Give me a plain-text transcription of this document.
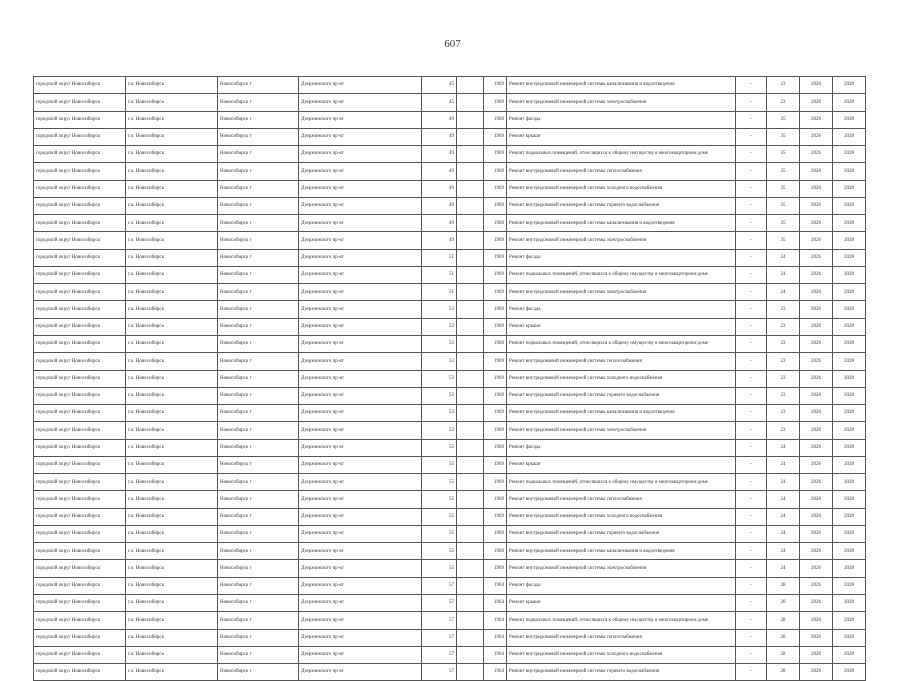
607
городской округ Новосибирск	г.о. Новосибирск	Новосибирск г	Дзержинского пр-кт	45		1969	Ремонт внутридомовой инженерной системы канализования и водоотведения	-	23	2026	2028
городской округ Новосибирск	г.о. Новосибирск	Новосибирск г	Дзержинского пр-кт	45		1969	Ремонт внутридомовой инженерной системы электроснабжения	-	23	2026	2028
городской округ Новосибирск	г.о. Новосибирск	Новосибирск г	Дзержинского пр-кт	49		1969	Ремонт фасада	-	35	2026	2028
городской округ Новосибирск	г.о. Новосибирск	Новосибирск г	Дзержинского пр-кт	49		1969	Ремонт крыши	-	35	2026	2028
городской округ Новосибирск	г.о. Новосибирск	Новосибирск г	Дзержинского пр-кт	49		1969	Ремонт подвальных помещений, относящихся к общему имуществу в многоквартирном доме	-	35	2026	2028
городской округ Новосибирск	г.о. Новосибирск	Новосибирск г	Дзержинского пр-кт	49		1969	Ремонт внутридомовой инженерной системы теплоснабжения	-	35	2026	2028
городской округ Новосибирск	г.о. Новосибирск	Новосибирск г	Дзержинского пр-кт	49		1969	Ремонт внутридомовой инженерной системы холодного водоснабжения	-	35	2026	2028
городской округ Новосибирск	г.о. Новосибирск	Новосибирск г	Дзержинского пр-кт	49		1969	Ремонт внутридомовой инженерной системы горячего водоснабжения	-	35	2026	2028
городской округ Новосибирск	г.о. Новосибирск	Новосибирск г	Дзержинского пр-кт	49		1969	Ремонт внутридомовой инженерной системы канализования и водоотведения	-	35	2026	2028
городской округ Новосибирск	г.о. Новосибирск	Новосибирск г	Дзержинского пр-кт	49		1969	Ремонт внутридомовой инженерной системы электроснабжения	-	35	2026	2028
городской округ Новосибирск	г.о. Новосибирск	Новосибирск г	Дзержинского пр-кт	51		1969	Ремонт фасада	-	24	2026	2028
городской округ Новосибирск	г.о. Новосибирск	Новосибирск г	Дзержинского пр-кт	51		1969	Ремонт подвальных помещений, относящихся к общему имуществу в многоквартирном доме	-	24	2026	2028
городской округ Новосибирск	г.о. Новосибирск	Новосибирск г	Дзержинского пр-кт	51		1969	Ремонт внутридомовой инженерной системы электроснабжения	-	24	2026	2028
городской округ Новосибирск	г.о. Новосибирск	Новосибирск г	Дзержинского пр-кт	53		1969	Ремонт фасада	-	23	2026	2028
городской округ Новосибирск	г.о. Новосибирск	Новосибирск г	Дзержинского пр-кт	53		1969	Ремонт крыши	-	23	2026	2028
городской округ Новосибирск	г.о. Новосибирск	Новосибирск г	Дзержинского пр-кт	53		1969	Ремонт подвальных помещений, относящихся к общему имуществу в многоквартирном доме	-	23	2026	2028
городской округ Новосибирск	г.о. Новосибирск	Новосибирск г	Дзержинского пр-кт	53		1969	Ремонт внутридомовой инженерной системы теплоснабжения	-	23	2026	2028
городской округ Новосибирск	г.о. Новосибирск	Новосибирск г	Дзержинского пр-кт	53		1969	Ремонт внутридомовой инженерной системы холодного водоснабжения	-	23	2026	2028
городской округ Новосибирск	г.о. Новосибирск	Новосибирск г	Дзержинского пр-кт	53		1969	Ремонт внутридомовой инженерной системы горячего водоснабжения	-	23	2026	2028
городской округ Новосибирск	г.о. Новосибирск	Новосибирск г	Дзержинского пр-кт	53		1969	Ремонт внутридомовой инженерной системы канализования и водоотведения	-	23	2026	2028
городской округ Новосибирск	г.о. Новосибирск	Новосибирск г	Дзержинского пр-кт	53		1969	Ремонт внутридомовой инженерной системы электроснабжения	-	23	2026	2028
городской округ Новосибирск	г.о. Новосибирск	Новосибирск г	Дзержинского пр-кт	55		1969	Ремонт фасада	-	24	2026	2028
городской округ Новосибирск	г.о. Новосибирск	Новосибирск г	Дзержинского пр-кт	55		1969	Ремонт крыши	-	24	2026	2028
городской округ Новосибирск	г.о. Новосибирск	Новосибирск г	Дзержинского пр-кт	55		1969	Ремонт подвальных помещений, относящихся к общему имуществу в многоквартирном доме	-	24	2026	2028
городской округ Новосибирск	г.о. Новосибирск	Новосибирск г	Дзержинского пр-кт	55		1969	Ремонт внутридомовой инженерной системы теплоснабжения	-	24	2026	2028
городской округ Новосибирск	г.о. Новосибирск	Новосибирск г	Дзержинского пр-кт	55		1969	Ремонт внутридомовой инженерной системы холодного водоснабжения	-	24	2026	2028
городской округ Новосибирск	г.о. Новосибирск	Новосибирск г	Дзержинского пр-кт	55		1969	Ремонт внутридомовой инженерной системы горячего водоснабжения	-	24	2026	2028
городской округ Новосибирск	г.о. Новосибирск	Новосибирск г	Дзержинского пр-кт	55		1969	Ремонт внутридомовой инженерной системы канализования и водоотведения	-	24	2026	2028
городской округ Новосибирск	г.о. Новосибирск	Новосибирск г	Дзержинского пр-кт	55		1969	Ремонт внутридомовой инженерной системы электроснабжения	-	24	2026	2028
городской округ Новосибирск	г.о. Новосибирск	Новосибирск г	Дзержинского пр-кт	57		1964	Ремонт фасада	-	28	2026	2028
городской округ Новосибирск	г.о. Новосибирск	Новосибирск г	Дзержинского пр-кт	57		1964	Ремонт крыши	-	28	2026	2028
городской округ Новосибирск	г.о. Новосибирск	Новосибирск г	Дзержинского пр-кт	57		1964	Ремонт подвальных помещений, относящихся к общему имуществу в многоквартирном доме	-	28	2026	2028
городской округ Новосибирск	г.о. Новосибирск	Новосибирск г	Дзержинского пр-кт	57		1964	Ремонт внутридомовой инженерной системы теплоснабжения	-	28	2026	2028
городской округ Новосибирск	г.о. Новосибирск	Новосибирск г	Дзержинского пр-кт	57		1964	Ремонт внутридомовой инженерной системы холодного водоснабжения	-	28	2026	2028
городской округ Новосибирск	г.о. Новосибирск	Новосибирск г	Дзержинского пр-кт	57		1964	Ремонт внутридомовой инженерной системы горячего водоснабжения	-	28	2026	2028
